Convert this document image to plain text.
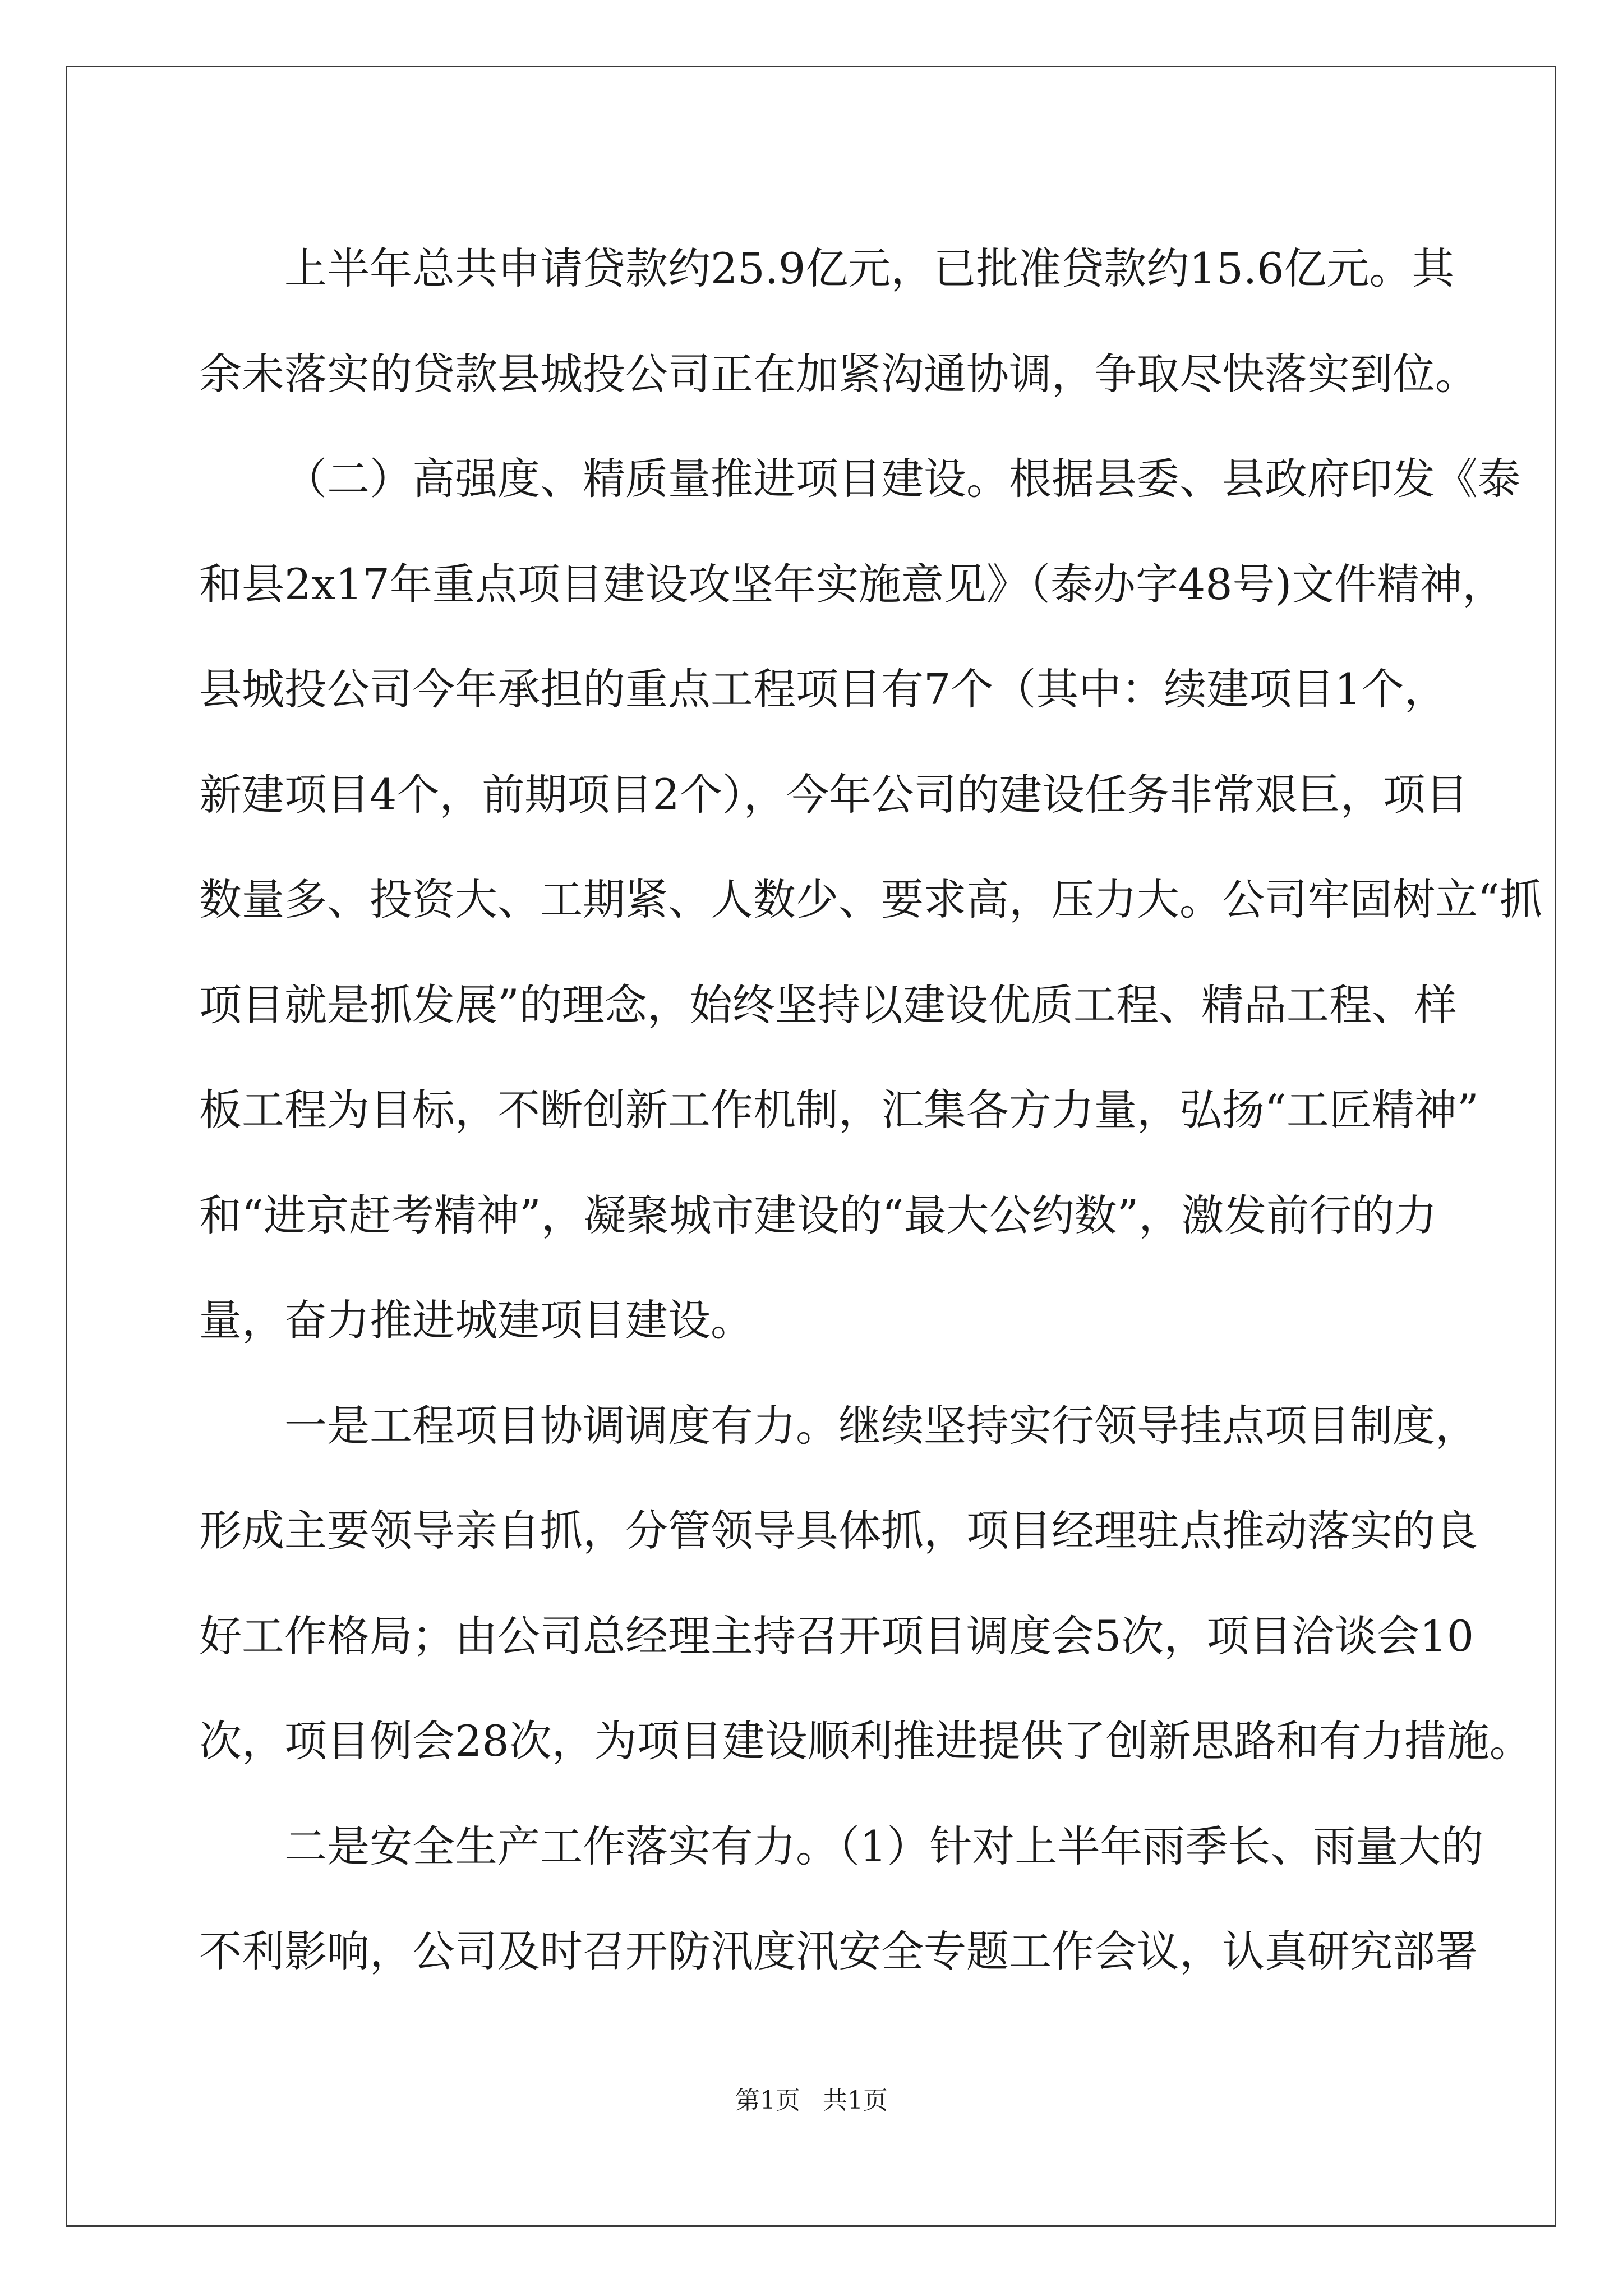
上半年总共申请贷款约25.9亿元，已批准贷款约15.6亿元。其
余未落实的贷款县城投公司正在加紧沟通协调，争取尽快落实到位。
（二）高强度、精质量推进项目建设。根据县委、县政府印发《泰
和县2x17年重点项目建设攻坚年实施意见》（泰办字48号)文件精神，
县城投公司今年承担的重点工程项目有7个（其中：续建项目1个，
新建项目4个，前期项目2个），今年公司的建设任务非常艰巨，项目
数量多、投资大、工期紧、人数少、要求高，压力大。公司牢固树立“抓
项目就是抓发展”的理念，始终坚持以建设优质工程、精品工程、样
板工程为目标，不断创新工作机制，汇集各方力量，弘扬“工匠精神”
和“进京赶考精神”，凝聚城市建设的“最大公约数”，激发前行的力
量，奋力推进城建项目建设。
一是工程项目协调调度有力。继续坚持实行领导挂点项目制度，
形成主要领导亲自抓，分管领导具体抓，项目经理驻点推动落实的良
好工作格局；由公司总经理主持召开项目调度会5次，项目洽谈会10
次，项目例会28次，为项目建设顺利推进提供了创新思路和有力措施。
二是安全生产工作落实有力。（1）针对上半年雨季长、雨量大的
不利影响，公司及时召开防汛度汛安全专题工作会议，认真研究部署
第1页 共1页
